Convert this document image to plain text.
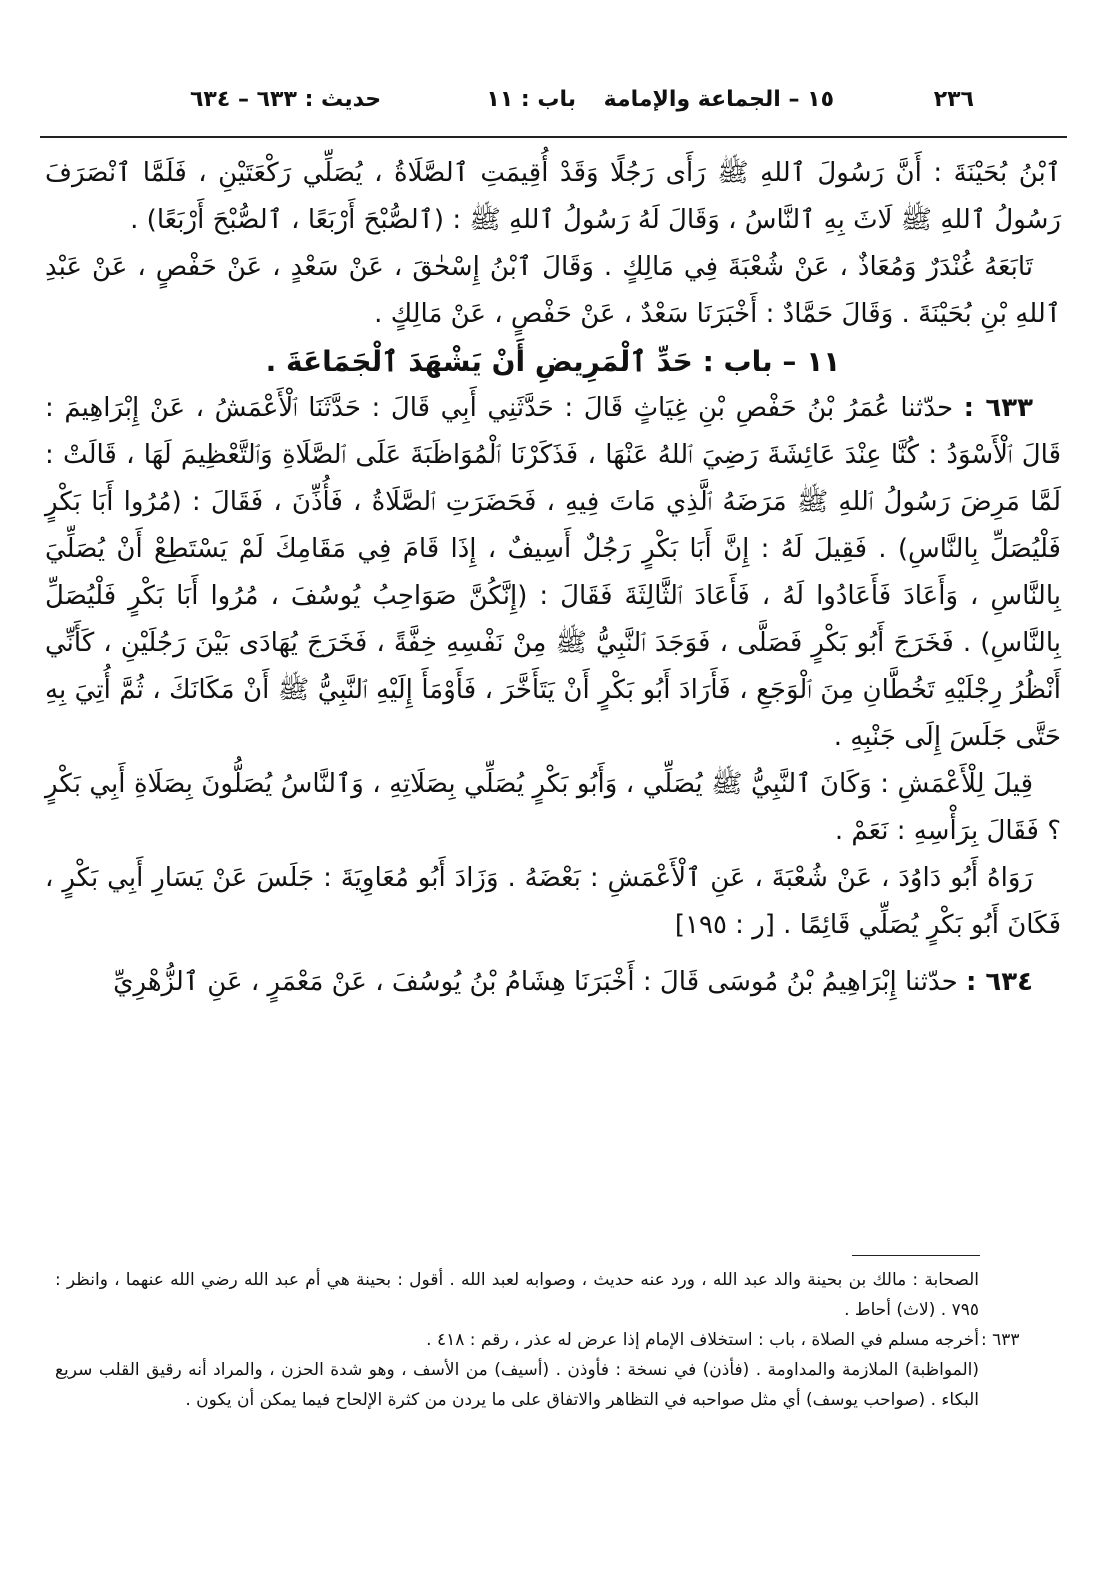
٢٣٦
١٥ – الجماعة والإمامة
باب : ١١
حديث : ٦٣٣ – ٦٣٤

ٱبْنُ بُحَيْنَةَ : أَنَّ رَسُولَ ٱللهِ ﷺ رَأَى رَجُلًا وَقَدْ أُقِيمَتِ ٱلصَّلَاةُ ، يُصَلِّي رَكْعَتَيْنِ ، فَلَمَّا ٱنْصَرَفَ رَسُولُ ٱللهِ ﷺ لَاثَ بِهِ ٱلنَّاسُ ، وَقَالَ لَهُ رَسُولُ ٱللهِ ﷺ : (ٱلصُّبْحَ أَرْبَعًا ، ٱلصُّبْحَ أَرْبَعًا) .

تَابَعَهُ غُنْدَرٌ وَمُعَاذٌ ، عَنْ شُعْبَةَ فِي مَالِكٍ . وَقَالَ ٱبْنُ إِسْحٰقَ ، عَنْ سَعْدٍ ، عَنْ حَفْصٍ ، عَنْ عَبْدِ ٱللهِ بْنِ بُحَيْنَةَ . وَقَالَ حَمَّادٌ : أَخْبَرَنَا سَعْدٌ ، عَنْ حَفْصٍ ، عَنْ مَالِكٍ .

١١ – باب : حَدِّ ٱلْمَرِيضِ أَنْ يَشْهَدَ ٱلْجَمَاعَةَ .

٦٣٣ : حدّثنا عُمَرُ بْنُ حَفْصِ بْنِ غِيَاثٍ قَالَ : حَدَّثَنِي أَبِي قَالَ : حَدَّثَنَا ٱلْأَعْمَشُ ، عَنْ إِبْرَاهِيمَ : قَالَ ٱلْأَسْوَدُ : كُنَّا عِنْدَ عَائِشَةَ رَضِيَ ٱللهُ عَنْهَا ، فَذَكَرْنَا ٱلْمُوَاظَبَةَ عَلَى ٱلصَّلَاةِ وَٱلتَّعْظِيمَ لَهَا ، قَالَتْ : لَمَّا مَرِضَ رَسُولُ ٱللهِ ﷺ مَرَضَهُ ٱلَّذِي مَاتَ فِيهِ ، فَحَضَرَتِ ٱلصَّلَاةُ ، فَأُذِّنَ ، فَقَالَ : (مُرُوا أَبَا بَكْرٍ فَلْيُصَلِّ بِالنَّاسِ) . فَقِيلَ لَهُ : إِنَّ أَبَا بَكْرٍ رَجُلٌ أَسِيفٌ ، إِذَا قَامَ فِي مَقَامِكَ لَمْ يَسْتَطِعْ أَنْ يُصَلِّيَ بِالنَّاسِ ، وَأَعَادَ فَأَعَادُوا لَهُ ، فَأَعَادَ ٱلثَّالِثَةَ فَقَالَ : (إِنَّكُنَّ صَوَاحِبُ يُوسُفَ ، مُرُوا أَبَا بَكْرٍ فَلْيُصَلِّ بِالنَّاسِ) . فَخَرَجَ أَبُو بَكْرٍ فَصَلَّى ، فَوَجَدَ ٱلنَّبِيُّ ﷺ مِنْ نَفْسِهِ خِفَّةً ، فَخَرَجَ يُهَادَى بَيْنَ رَجُلَيْنِ ، كَأَنِّي أَنْظُرُ رِجْلَيْهِ تَخُطَّانِ مِنَ ٱلْوَجَعِ ، فَأَرَادَ أَبُو بَكْرٍ أَنْ يَتَأَخَّرَ ، فَأَوْمَأَ إِلَيْهِ ٱلنَّبِيُّ ﷺ أَنْ مَكَانَكَ ، ثُمَّ أُتِيَ بِهِ حَتَّى جَلَسَ إِلَى جَنْبِهِ .

قِيلَ لِلْأَعْمَشِ : وَكَانَ ٱلنَّبِيُّ ﷺ يُصَلِّي ، وَأَبُو بَكْرٍ يُصَلِّي بِصَلَاتِهِ ، وَٱلنَّاسُ يُصَلُّونَ بِصَلَاةِ أَبِي بَكْرٍ ؟ فَقَالَ بِرَأْسِهِ : نَعَمْ .

رَوَاهُ أَبُو دَاوُدَ ، عَنْ شُعْبَةَ ، عَنِ ٱلْأَعْمَشِ : بَعْضَهُ . وَزَادَ أَبُو مُعَاوِيَةَ : جَلَسَ عَنْ يَسَارِ أَبِي بَكْرٍ ، فَكَانَ أَبُو بَكْرٍ يُصَلِّي قَائِمًا . [ر : ١٩٥]

٦٣٤ : حدّثنا إِبْرَاهِيمُ بْنُ مُوسَى قَالَ : أَخْبَرَنَا هِشَامُ بْنُ يُوسُفَ ، عَنْ مَعْمَرٍ ، عَنِ ٱلزُّهْرِيِّ

الصحابة : مالك بن بحينة والد عبد الله ، ورد عنه حديث ، وصوابه لعبد الله . أقول : بحينة هي أم عبد الله رضي الله عنهما ، وانظر : ٧٩٥ . (لاث) أحاط .

٦٣٣ :

أخرجه مسلم في الصلاة ، باب : استخلاف الإمام إذا عرض له عذر ، رقم : ٤١٨ .

(المواظبة) الملازمة والمداومة . (فأذن) في نسخة : فأوذن . (أسيف) من الأسف ، وهو شدة الحزن ، والمراد أنه رقيق القلب سريع البكاء . (صواحب يوسف) أي مثل صواحبه في التظاهر والاتفاق على ما يردن من كثرة الإلحاح فيما يمكن أن يكون .
